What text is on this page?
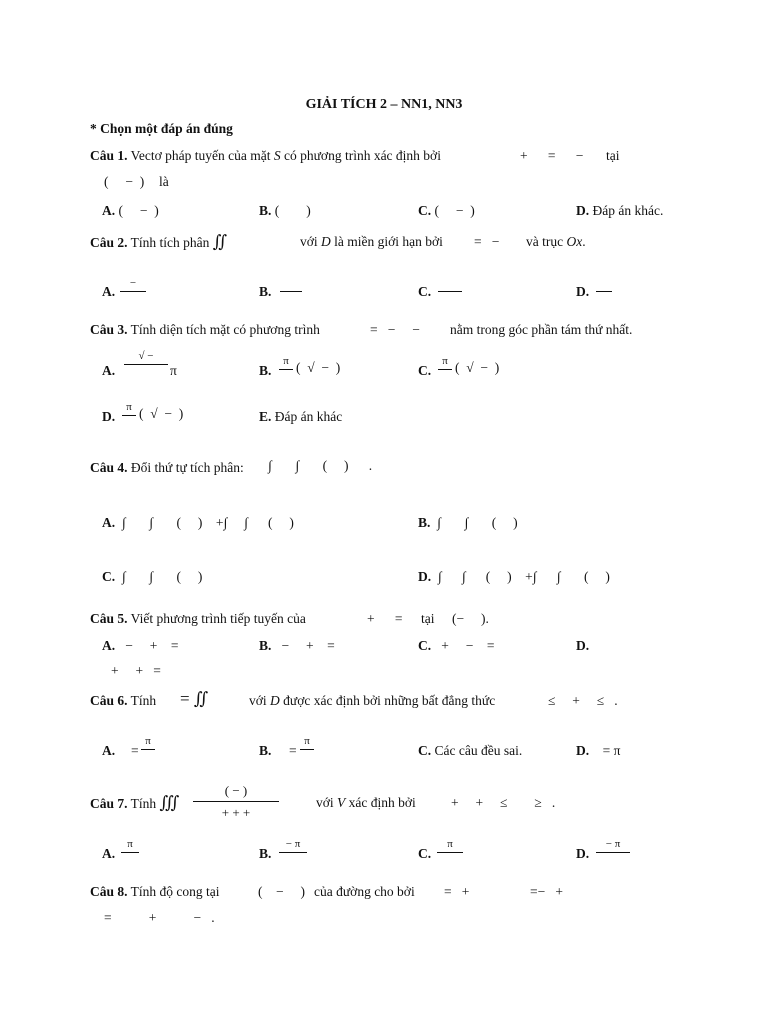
GIẢI TÍCH 2 – NN1, NN3
* Chọn một đáp án đúng
Câu 1. Vectơ pháp tuyến của mặt S có phương trình xác định bởi	+      =      − tại
(     −  ) là
A. (     −  )	B. (        )	C. (     −  )	D. Đáp án khác.
Câu 2. Tính tích phân ∬	với D là miền giới hạn bởi =   − và trục Ox.
A.
−
B.	C.	D.
Câu 3. Tính diện tích mặt có phương trình	=   −     − nằm trong góc phần tám thứ nhất.
A.
√ −
π	B.
π (  √  −  )	C.
π (  √  −  )
D.
π (  √  −  )	E. Đáp án khác
Câu 4. Đổi thứ tự tích phân: ∫       ∫       (     )      .
A. ∫       ∫       (     )    +∫     ∫      (     )	B. ∫       ∫       (     )
C. ∫       ∫       (     )	D. ∫      ∫      (     )    +∫      ∫       (     )
Câu 5. Viết phương trình tiếp tuyến của	+      = tại (−     ).
A.   −     +    =	B.   −     +    =	C.   +     −    =	D.
+     +   =
Câu 6. Tính = ∬	với D được xác định bởi những bất đẳng thức	≤     +     ≤   .
A. =
π
B. =
π
C. Các câu đều sai.	D.    = π
Câu 7. Tính ∭
( − )
+ + +
với V xác định bởi	+     +     ≤        ≥   .
A.
π
B.
− π
C.
π
D.
− π
Câu 8. Tính độ cong tại	(    −     ) của đường cho bởi =   +	=−   +
=           +           −   .
